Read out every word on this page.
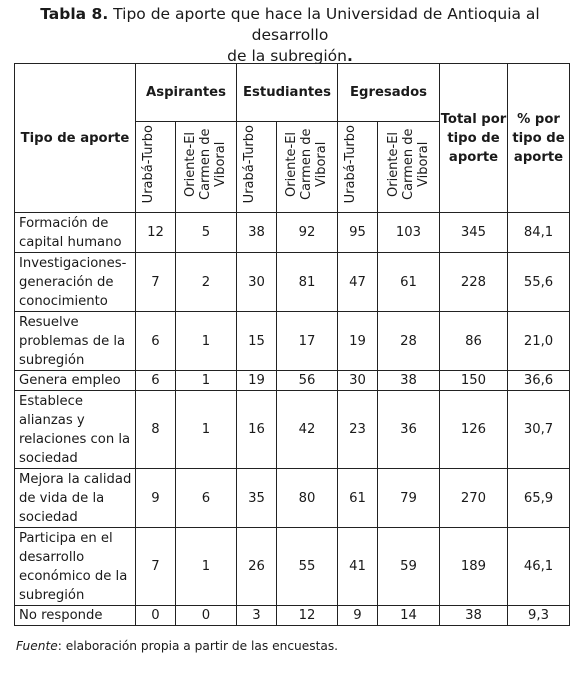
Tabla 8. Tipo de aporte que hace la Universidad de Antioquia al desarrollo
de la subregión.
Tipo de aporte	Aspirantes		Estudiantes		Egresados		Total por tipo de aporte	% por tipo de aporte
	Urabá-Turbo	Oriente-El Carmen de Viboral	Urabá-Turbo	Oriente-El Carmen de Viboral	Urabá-Turbo	Oriente-El Carmen de Viboral		
Formación de capital humano	12	5	38	92	95	103	345	84,1
Investigaciones-generación de conocimiento	7	2	30	81	47	61	228	55,6
Resuelve problemas de la subregión	6	1	15	17	19	28	86	21,0
Genera empleo	6	1	19	56	30	38	150	36,6
Establece alianzas y relaciones con la sociedad	8	1	16	42	23	36	126	30,7
Mejora la calidad de vida de la sociedad	9	6	35	80	61	79	270	65,9
Participa en el desarrollo económico de la subregión	7	1	26	55	41	59	189	46,1
No responde	0	0	3	12	9	14	38	9,3
Fuente: elaboración propia a partir de las encuestas.
